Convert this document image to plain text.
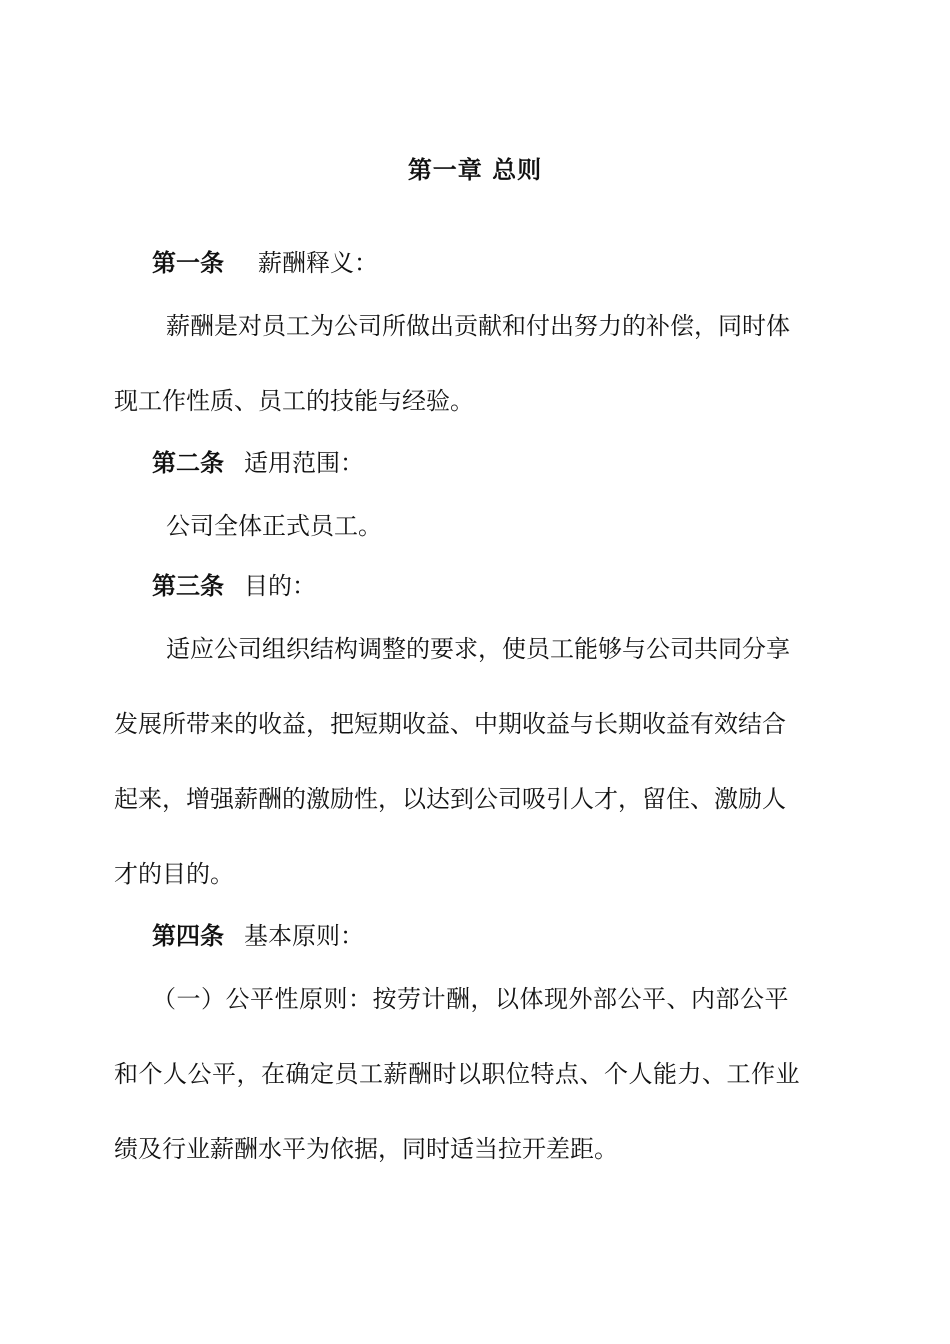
第一章 总则
第一条 薪酬释义：
薪酬是对员工为公司所做出贡献和付出努力的补偿，同时体
现工作性质、员工的技能与经验。
第二条 适用范围：
公司全体正式员工。
第三条 目的：
适应公司组织结构调整的要求，使员工能够与公司共同分享
发展所带来的收益，把短期收益、中期收益与长期收益有效结合
起来，增强薪酬的激励性，以达到公司吸引人才，留住、激励人
才的目的。
第四条 基本原则：
（一）公平性原则：按劳计酬，以体现外部公平、内部公平
和个人公平，在确定员工薪酬时以职位特点、个人能力、工作业
绩及行业薪酬水平为依据，同时适当拉开差距。
